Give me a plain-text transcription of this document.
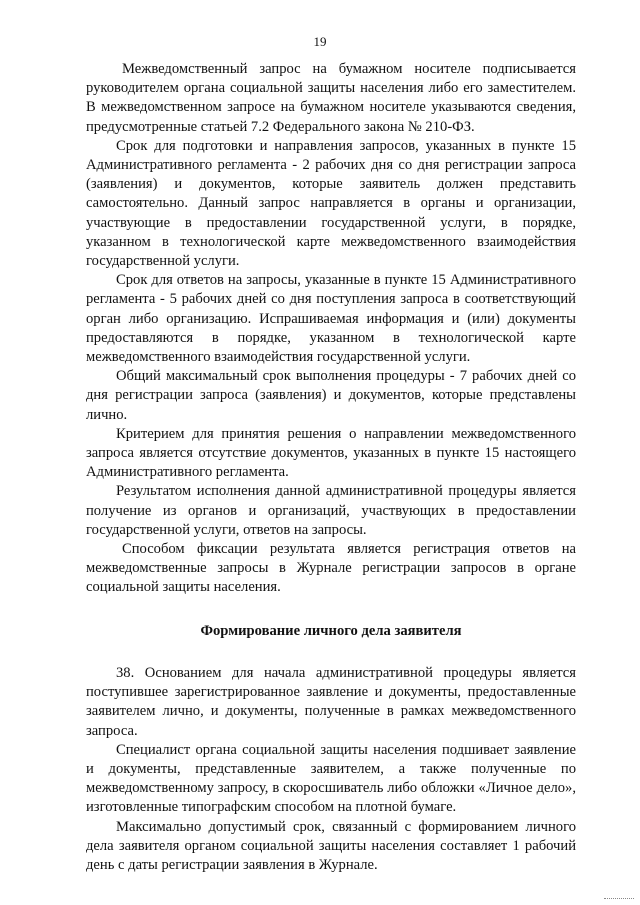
19

Межведомственный запрос на бумажном носителе подписывается руководителем органа социальной защиты населения либо его заместителем. В межведомственном запросе на бумажном носителе указываются сведения, предусмотренные статьей 7.2 Федерального закона № 210-ФЗ.

Срок для подготовки и направления запросов, указанных в пункте 15 Административного регламента - 2 рабочих дня со дня регистрации запроса (заявления) и документов, которые заявитель должен представить самостоятельно. Данный запрос направляется в органы и организации, участвующие в предоставлении государственной услуги, в порядке, указанном в технологической карте межведомственного взаимодействия государственной услуги.

Срок для ответов на запросы, указанные в пункте 15 Административного регламента - 5 рабочих дней со дня поступления запроса в соответствующий орган либо организацию. Испрашиваемая информация и (или) документы предоставляются в порядке, указанном в технологической карте межведомственного взаимодействия государственной услуги.

Общий максимальный срок выполнения процедуры - 7 рабочих дней со дня регистрации запроса (заявления) и документов, которые представлены лично.

Критерием для принятия решения о направлении межведомственного запроса является отсутствие документов, указанных в пункте 15 настоящего Административного регламента.

Результатом исполнения данной административной процедуры является получение из органов и организаций, участвующих в предоставлении государственной услуги, ответов на запросы.

Способом фиксации результата является регистрация ответов на межведомственные запросы в Журнале регистрации запросов в органе социальной защиты населения.

Формирование личного дела заявителя

38. Основанием для начала административной процедуры является поступившее зарегистрированное заявление и документы, предоставленные заявителем лично, и документы, полученные в рамках межведомственного запроса.

Специалист органа социальной защиты населения подшивает заявление и документы, представленные заявителем, а также полученные по межведомственному запросу, в скоросшиватель либо обложки «Личное дело», изготовленные типографским способом на плотной бумаге.

Максимально допустимый срок, связанный с формированием личного дела заявителя органом социальной защиты населения составляет 1 рабочий день с даты регистрации заявления в Журнале.
